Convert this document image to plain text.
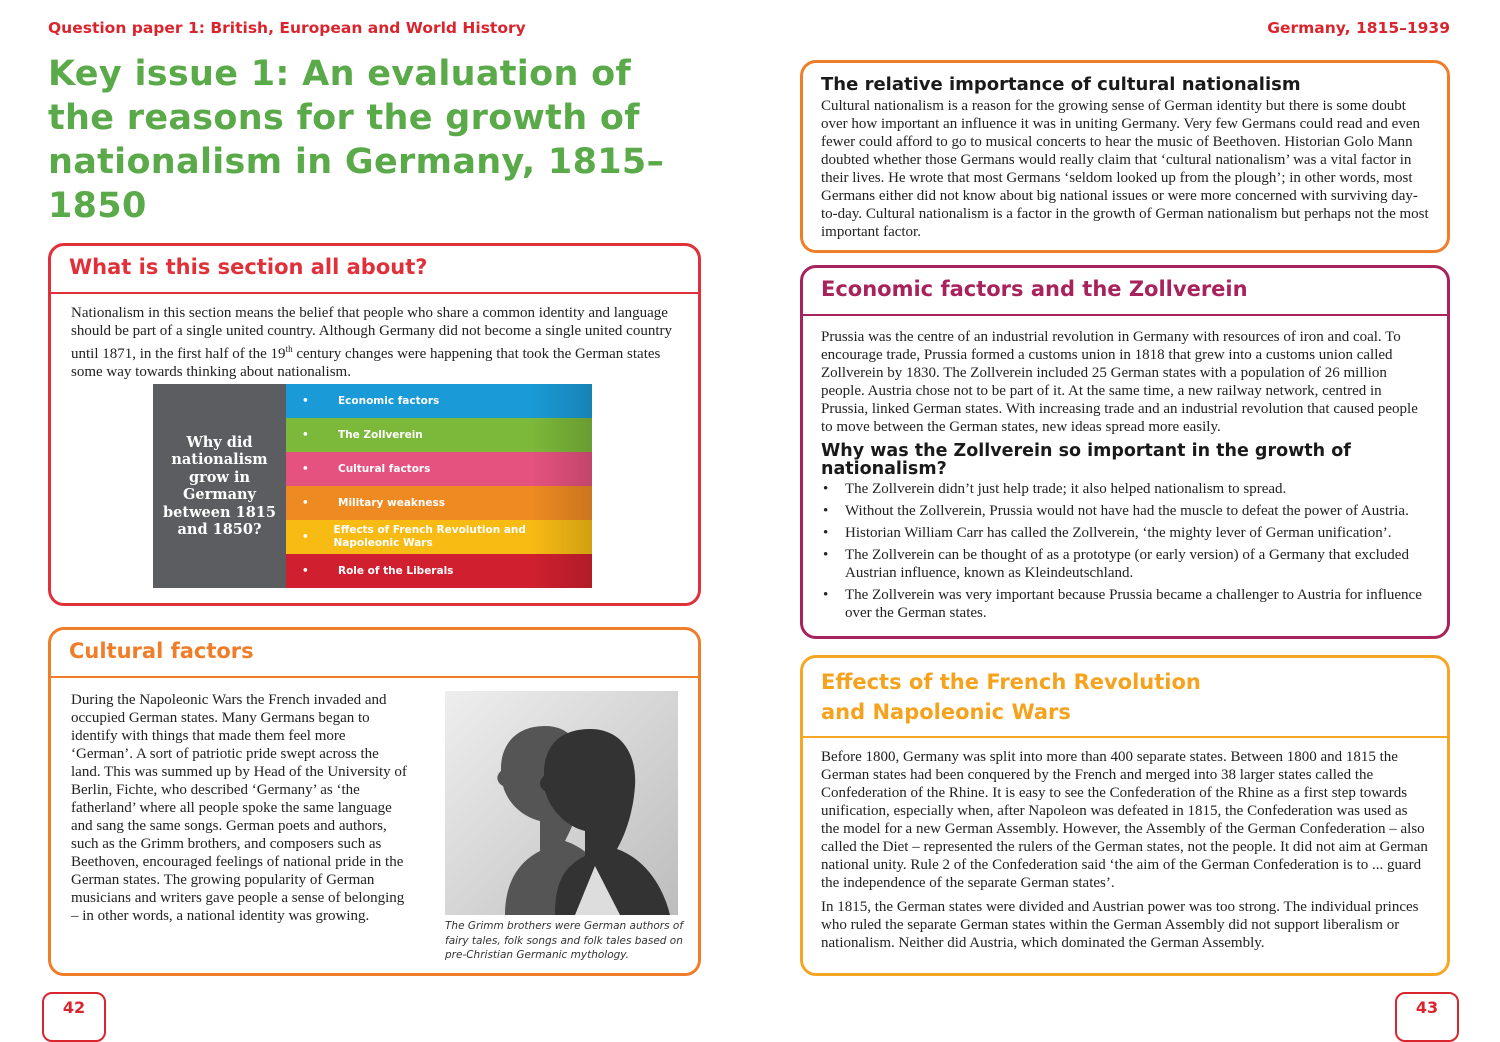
Question paper 1: British, European and World History	Germany, 1815–1939
Key issue 1: An evaluation of the reasons for the growth of nationalism in Germany, 1815–1850
What is this section all about?
Nationalism in this section means the belief that people who share a common identity and language should be part of a single united country. Although Germany did not become a single united country until 1871, in the first half of the 19th century changes were happening that took the German states some way towards thinking about nationalism.
Why did nationalism grow in Germany between 1815 and 1850?
•	Economic factors
•	The Zollverein
•	Cultural factors
•	Military weakness
•
Effects of French Revolution and Napoleonic Wars
•	Role of the Liberals
Cultural factors
During the Napoleonic Wars the French invaded and occupied German states. Many Germans began to identify with things that made them feel more ‘German’. A sort of patriotic pride swept across the land. This was summed up by Head of the University of Berlin, Fichte, who described ‘Germany’ as ‘the fatherland’ where all people spoke the same language and sang the same songs. German poets and authors, such as the Grimm brothers, and composers such as Beethoven, encouraged feelings of national pride in the German states. The growing popularity of German musicians and writers gave people a sense of belonging – in other words, a national identity was growing.
The Grimm brothers were German authors of fairy tales, folk songs and folk tales based on pre-Christian Germanic mythology.
The relative importance of cultural nationalism
Cultural nationalism is a reason for the growing sense of German identity but there is some doubt over how important an influence it was in uniting Germany. Very few Germans could read and even fewer could afford to go to musical concerts to hear the music of Beethoven. Historian Golo Mann doubted whether those Germans would really claim that ‘cultural nationalism’ was a vital factor in their lives. He wrote that most Germans ‘seldom looked up from the plough’; in other words, most Germans either did not know about big national issues or were more concerned with surviving day-to-day. Cultural nationalism is a factor in the growth of German nationalism but perhaps not the most important factor.
Economic factors and the Zollverein

Prussia was the centre of an industrial revolution in Germany with resources of iron and coal. To encourage trade, Prussia formed a customs union in 1818 that grew into a customs union called Zollverein by 1830. The Zollverein included 25 German states with a population of 26 million people. Austria chose not to be part of it. At the same time, a new railway network, centred in Prussia, linked German states. With increasing trade and an industrial revolution that caused people to move between the German states, new ideas spread more easily.

Why was the Zollverein so important in the growth of nationalism?
• The Zollverein didn’t just help trade; it also helped nationalism to spread.
• Without the Zollverein, Prussia would not have had the muscle to defeat the power of Austria.
• Historian William Carr has called the Zollverein, ‘the mighty lever of German unification’.
• The Zollverein can be thought of as a prototype (or early version) of a Germany that excluded Austrian influence, known as Kleindeutschland.
• The Zollverein was very important because Prussia became a challenger to Austria for influence over the German states.
Effects of the French Revolution
and Napoleonic Wars

Before 1800, Germany was split into more than 400 separate states. Between 1800 and 1815 the German states had been conquered by the French and merged into 38 larger states called the Confederation of the Rhine. It is easy to see the Confederation of the Rhine as a first step towards unification, especially when, after Napoleon was defeated in 1815, the Confederation was used as the model for a new German Assembly. However, the Assembly of the German Confederation – also called the Diet – represented the rulers of the German states, not the people. It did not aim at German national unity. Rule 2 of the Confederation said ‘the aim of the German Confederation is to ... guard the independence of the separate German states’.

In 1815, the German states were divided and Austrian power was too strong. The individual princes who ruled the separate German states within the German Assembly did not support liberalism or nationalism. Neither did Austria, which dominated the German Assembly.

42	43
